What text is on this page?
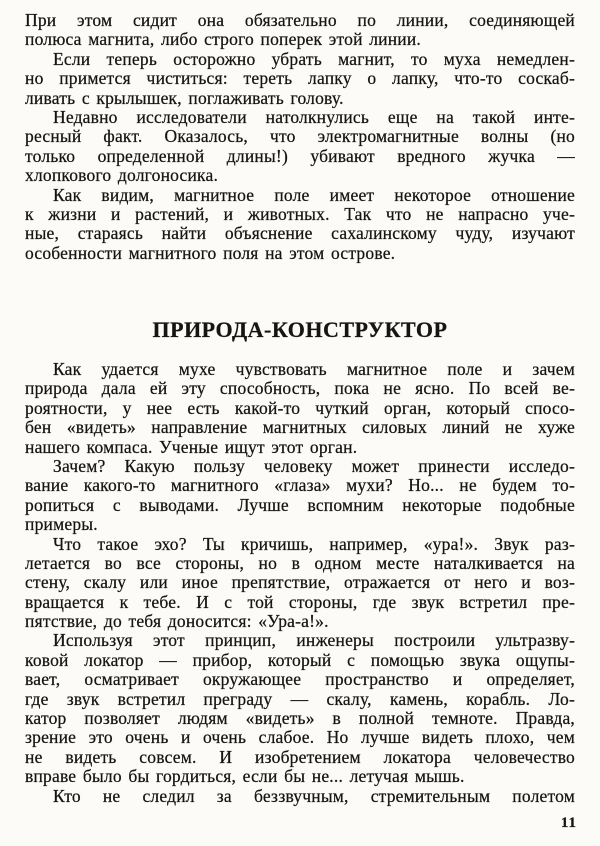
При этом сидит она обязательно по линии, соединяющей
полюса магнита, либо строго поперек этой линии.
Если теперь осторожно убрать магнит, то муха немедлен-
но примется чиститься: тереть лапку о лапку, что-то соскаб-
ливать с крылышек, поглаживать голову.
Недавно исследователи натолкнулись еще на такой инте-
ресный факт. Оказалось, что электромагнитные волны (но
только определенной длины!) убивают вредного жучка —
хлопкового долгоносика.
Как видим, магнитное поле имеет некоторое отношение
к жизни и растений, и животных. Так что не напрасно уче-
ные, стараясь найти объяснение сахалинскому чуду, изучают
особенности магнитного поля на этом острове.
ПРИРОДА-КОНСТРУКТОР
Как удается мухе чувствовать магнитное поле и зачем
природа дала ей эту способность, пока не ясно. По всей ве-
роятности, у нее есть какой-то чуткий орган, который спосо-
бен «видеть» направление магнитных силовых линий не хуже
нашего компаса. Ученые ищут этот орган.
Зачем? Какую пользу человеку может принести исследо-
вание какого-то магнитного «глаза» мухи? Но... не будем то-
ропиться с выводами. Лучше вспомним некоторые подобные
примеры.
Что такое эхо? Ты кричишь, например, «ура!». Звук раз-
летается во все стороны, но в одном месте наталкивается на
стену, скалу или иное препятствие, отражается от него и воз-
вращается к тебе. И с той стороны, где звук встретил пре-
пятствие, до тебя доносится: «Ура-а!».
Используя этот принцип, инженеры построили ультразву-
ковой локатор — прибор, который с помощью звука ощупы-
вает, осматривает окружающее пространство и определяет,
где звук встретил преграду — скалу, камень, корабль. Ло-
катор позволяет людям «видеть» в полной темноте. Правда,
зрение это очень и очень слабое. Но лучше видеть плохо, чем
не видеть совсем. И изобретением локатора человечество
вправе было бы гордиться, если бы не... летучая мышь.
Кто не следил за беззвучным, стремительным полетом
11
